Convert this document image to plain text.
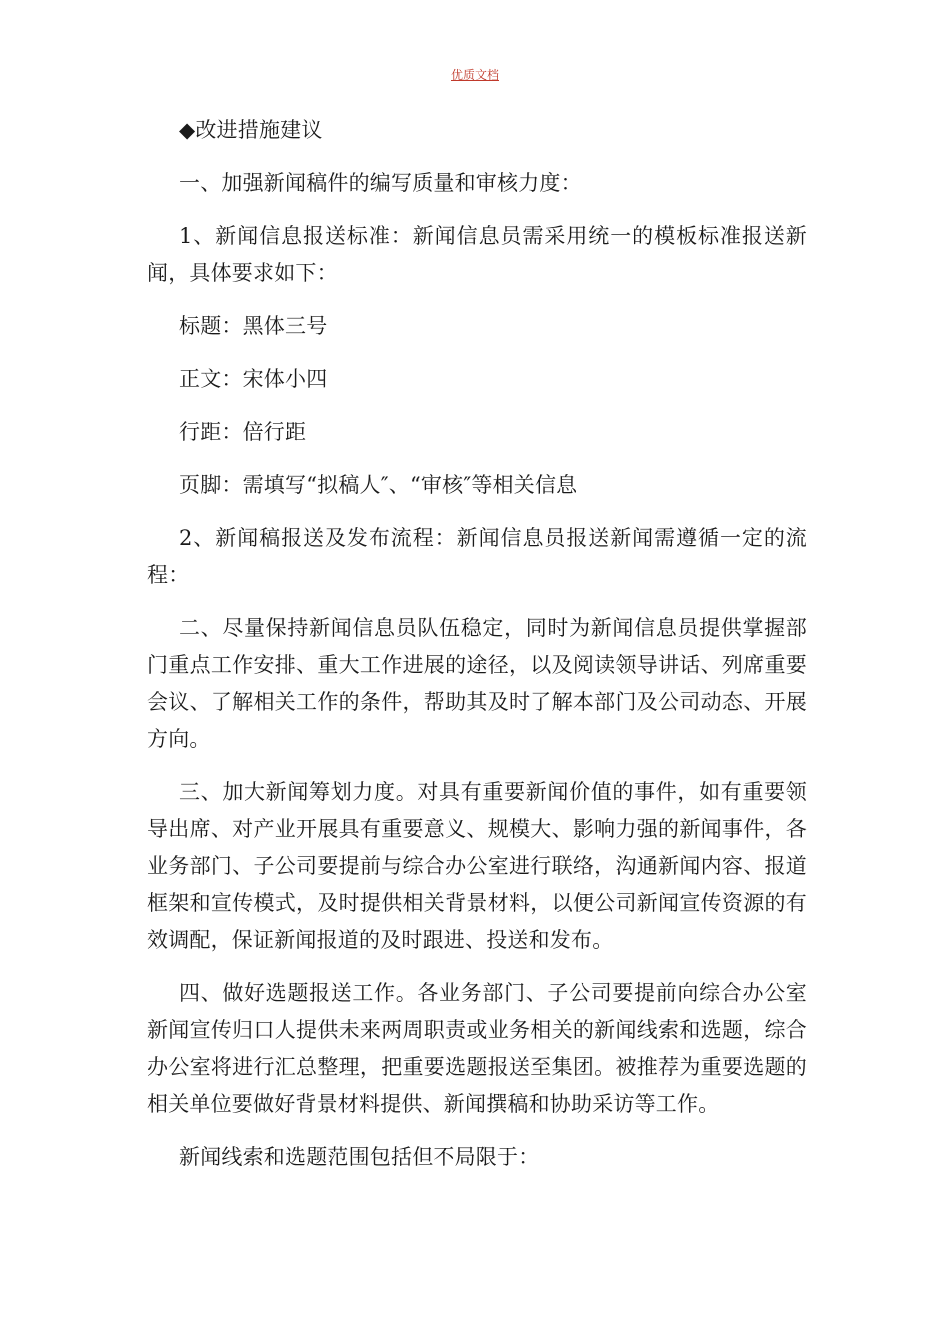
优质文档

◆改进措施建议

一、加强新闻稿件的编写质量和审核力度：

1、新闻信息报送标准：新闻信息员需采用统一的模板标准报送新闻，具体要求如下：

标题：黑体三号

正文：宋体小四

行距：倍行距

页脚：需填写“拟稿人″、“审核″等相关信息

2、新闻稿报送及发布流程：新闻信息员报送新闻需遵循一定的流程：

二、尽量保持新闻信息员队伍稳定，同时为新闻信息员提供掌握部门重点工作安排、重大工作进展的途径，以及阅读领导讲话、列席重要会议、了解相关工作的条件，帮助其及时了解本部门及公司动态、开展方向。

三、加大新闻筹划力度。对具有重要新闻价值的事件，如有重要领导出席、对产业开展具有重要意义、规模大、影响力强的新闻事件，各业务部门、子公司要提前与综合办公室进行联络，沟通新闻内容、报道框架和宣传模式，及时提供相关背景材料，以便公司新闻宣传资源的有效调配，保证新闻报道的及时跟进、投送和发布。

四、做好选题报送工作。各业务部门、子公司要提前向综合办公室新闻宣传归口人提供未来两周职责或业务相关的新闻线索和选题，综合办公室将进行汇总整理，把重要选题报送至集团。被推荐为重要选题的相关单位要做好背景材料提供、新闻撰稿和协助采访等工作。

新闻线索和选题范围包括但不局限于：
